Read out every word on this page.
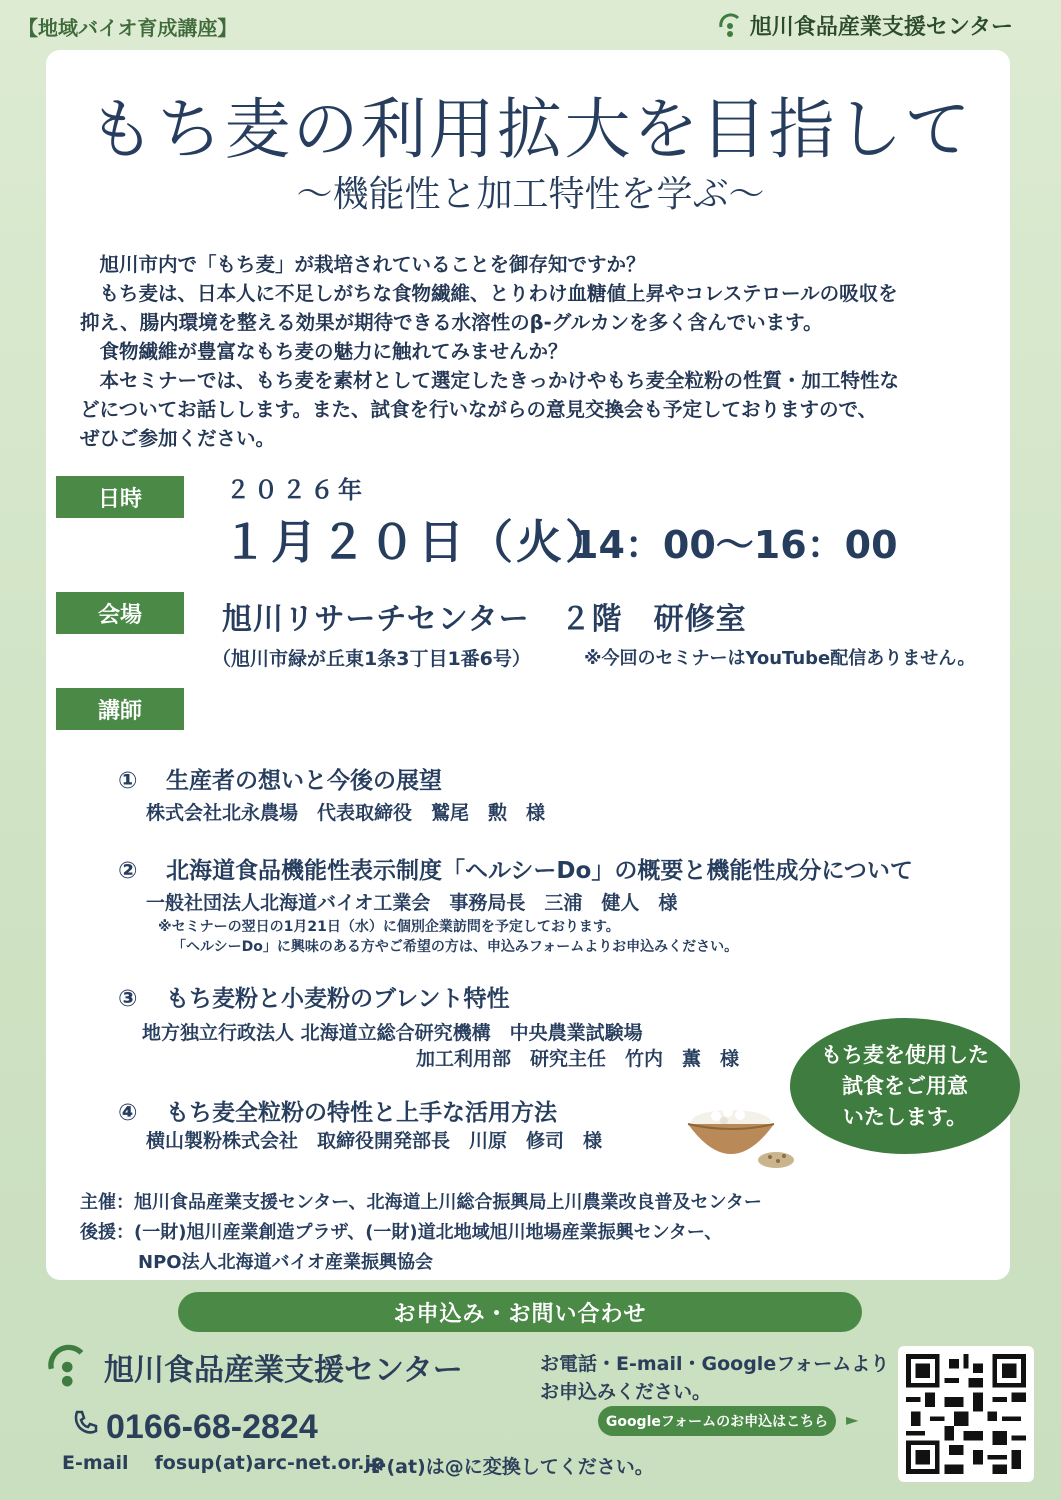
【地域バイオ育成講座】	旭川食品産業支援センター
もち麦の利用拡大を目指して
～機能性と加工特性を学ぶ～

　旭川市内で「もち麦」が栽培されていることを御存知ですか？

　もち麦は、日本人に不足しがちな食物繊維、とりわけ血糖値上昇やコレステロールの吸収を

抑え、腸内環境を整える効果が期待できる水溶性のβ-グルカンを多く含んでいます。

　食物繊維が豊富なもち麦の魅力に触れてみませんか？

　本セミナーでは、もち麦を素材として選定したきっかけやもち麦全粒粉の性質・加工特性な

どについてお話しします。また、試食を行いながらの意見交換会も予定しておりますので、

ぜひご参加ください。

日時	２０２６年
１月２０日（火）
14：00～16：00
会場	旭川リサーチセンター　２階　研修室
（旭川市緑が丘東1条3丁目1番6号）	※今回のセミナーはYouTube配信ありません。
講師
① 生産者の想いと今後の展望
株式会社北永農場　代表取締役　鷲尾　勲　様
② 北海道食品機能性表示制度「ヘルシーDo」の概要と機能性成分について
一般社団法人北海道バイオ工業会　事務局長　三浦　健人　様
※セミナーの翌日の1月21日（水）に個別企業訪問を予定しております。
「ヘルシーDo」に興味のある方やご希望の方は、申込みフォームよりお申込みください。
③ もち麦粉と小麦粉のブレント特性
地方独立行政法人 北海道立総合研究機構　中央農業試験場
加工利用部　研究主任　竹内　薫　様
④ もち麦全粒粉の特性と上手な活用方法
横山製粉株式会社　取締役開発部長　川原　修司　様
もち麦を使用した
試食をご用意
いたします。
主催：旭川食品産業支援センター、北海道上川総合振興局上川農業改良普及センター
後援：(一財)旭川産業創造プラザ、(一財)道北地域旭川地場産業振興センター、
NPO法人北海道バイオ産業振興協会
お申込み・お問い合わせ
旭川食品産業支援センター
0166-68-2824
E-mail fosup(at)arc-net.or.jp
※(at)は@に変換してください。
お電話・E-mail・Googleフォームより
お申込みください。
Googleフォームのお申込はこちら	►
